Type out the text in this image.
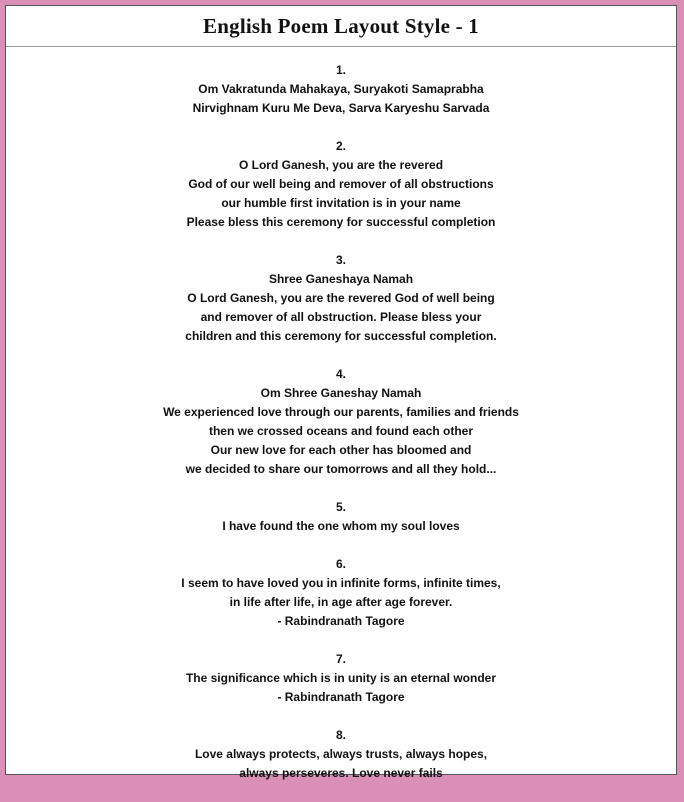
English Poem Layout Style - 1
1.
Om Vakratunda Mahakaya, Suryakoti Samaprabha
Nirvighnam Kuru Me Deva, Sarva Karyeshu Sarvada
2.
O Lord Ganesh, you are the revered
God of our well being and remover of all obstructions
our humble first invitation is in your name
Please bless this ceremony for successful completion
3.
Shree Ganeshaya Namah
O Lord Ganesh, you are the revered God of well being
and remover of all obstruction. Please bless your
children and this ceremony for successful completion.
4.
Om Shree Ganeshay Namah
We experienced love through our parents, families and friends
then we crossed oceans and found each other
Our new love for each other has bloomed and
we decided to share our tomorrows and all they hold...
5.
I have found the one whom my soul loves
6.
I seem to have loved you in infinite forms, infinite times,
in life after life, in age after age forever.
- Rabindranath Tagore
7.
The significance which is in unity is an eternal wonder
- Rabindranath Tagore
8.
Love always protects, always trusts, always hopes,
always perseveres. Love never fails
